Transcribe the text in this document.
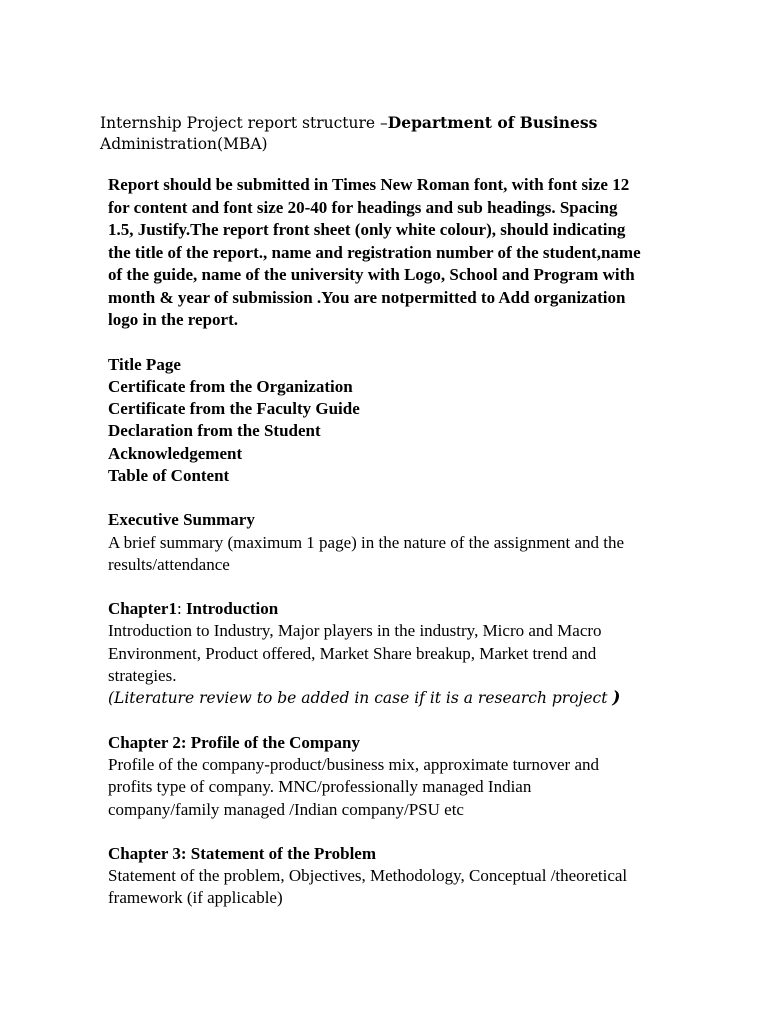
Internship Project report structure –Department of Business
Administration(MBA)
Report should be submitted in Times New Roman font, with font size 12
for content and font size 20-40 for headings and sub headings. Spacing
1.5, Justify.The report front sheet (only white colour), should indicating
the title of the report., name and registration number of the student,name
of the guide, name of the university with Logo, School and Program with
month & year of submission .You are notpermitted to Add organization
logo in the report.
Title Page
Certificate from the Organization
Certificate from the Faculty Guide
Declaration from the Student
Acknowledgement
Table of Content
Executive Summary
A brief summary (maximum 1 page) in the nature of the assignment and the
results/attendance
Chapter1: Introduction
Introduction to Industry, Major players in the industry, Micro and Macro
Environment, Product offered, Market Share breakup, Market trend and
strategies.
(Literature review to be added in case if it is a research project )
Chapter 2: Profile of the Company
Profile of the company-product/business mix, approximate turnover and
profits type of company. MNC/professionally managed Indian
company/family managed /Indian company/PSU etc
Chapter 3: Statement of the Problem
Statement of the problem, Objectives, Methodology, Conceptual /theoretical
framework (if applicable)
